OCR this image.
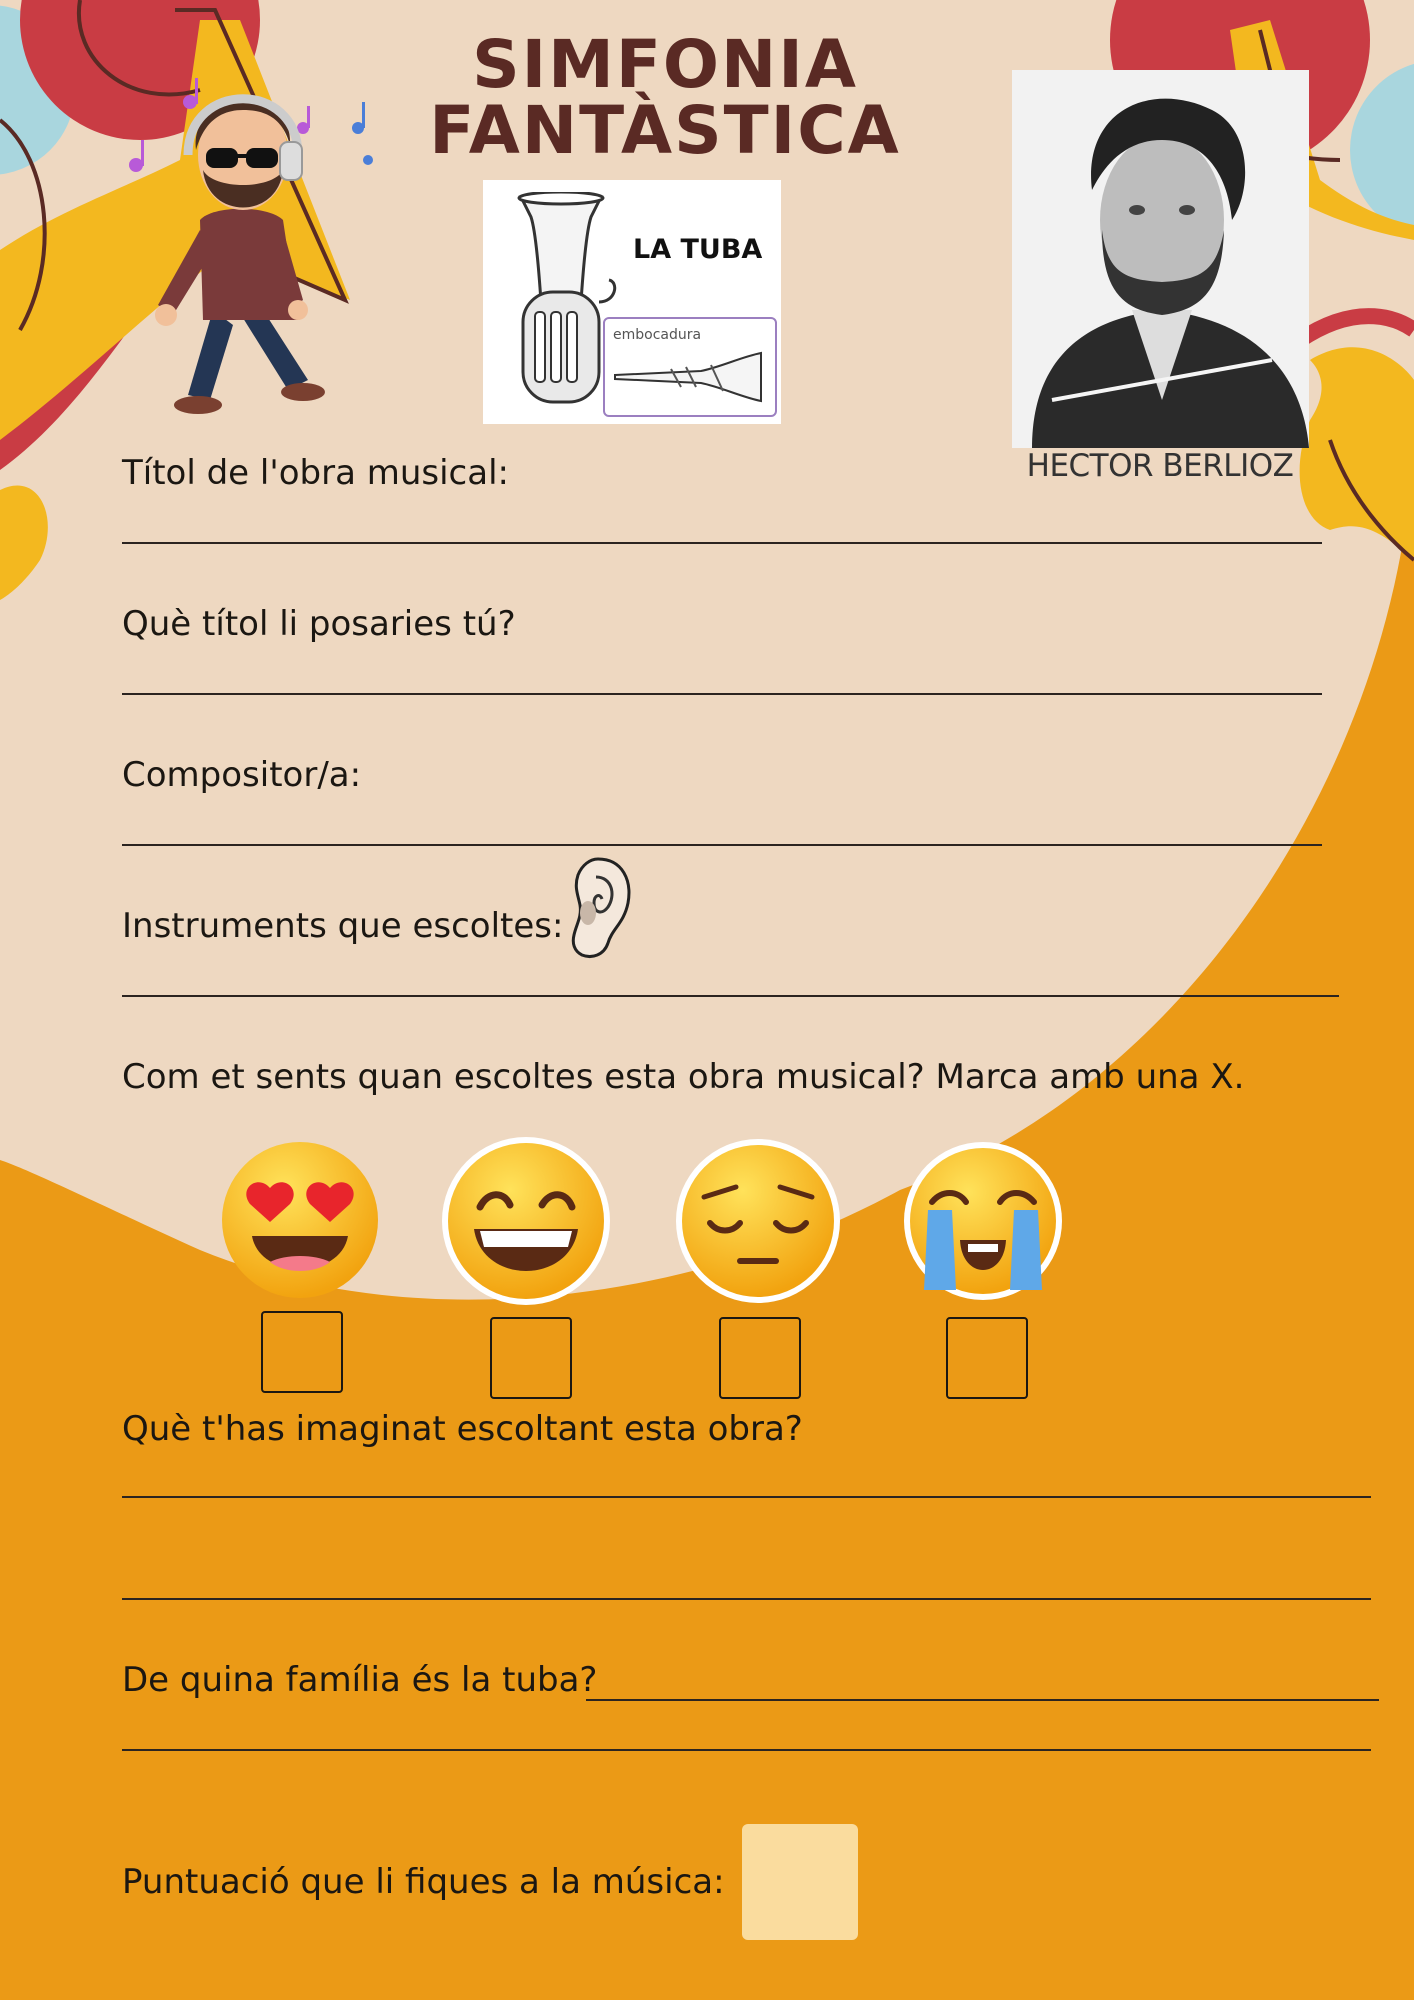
SIMFONIA
FANTÀSTICA
LA TUBA
embocadura
HECTOR BERLIOZ
Títol de l'obra musical:
Què títol li posaries tú?
Compositor/a:
Instruments que escoltes:
Com et sents quan escoltes esta obra musical? Marca amb una X.
Què t'has imaginat escoltant esta obra?
De quina família és la tuba?
Puntuació que li fiques a la música:
